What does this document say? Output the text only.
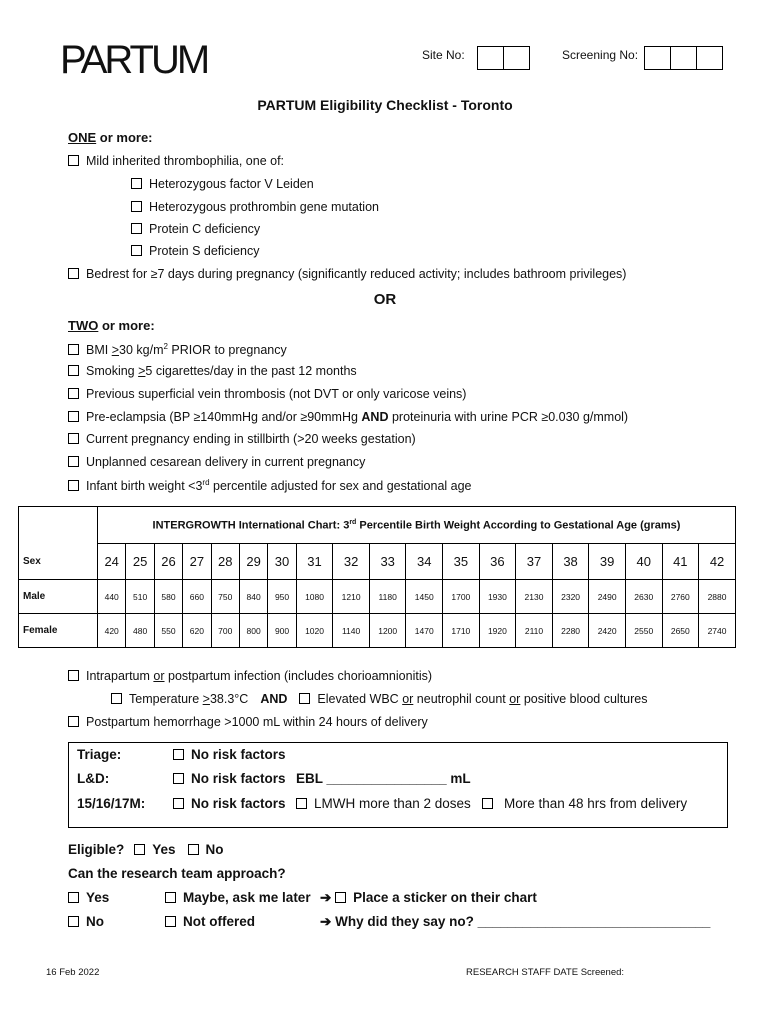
PARTUM	Site No:	Screening No:
PARTUM Eligibility Checklist - Toronto
ONE or more:
Mild inherited thrombophilia, one of:
Heterozygous factor V Leiden
Heterozygous prothrombin gene mutation
Protein C deficiency
Protein S deficiency
Bedrest for ≥7 days during pregnancy (significantly reduced activity; includes bathroom privileges)
OR
TWO or more:
BMI >30 $kg/m^2$ PRIOR to pregnancy
Smoking >5 cigarettes/day in the past 12 months
Previous superficial vein thrombosis (not DVT or only varicose veins)
Pre-eclampsia (BP ≥140mmHg and/or ≥90mmHg AND proteinuria with urine PCR ≥0.030 g/mmol)
Current pregnancy ending in stillbirth (>20 weeks gestation)
Unplanned cesarean delivery in current pregnancy
Infant birth weight <3rd percentile adjusted for sex and gestational age
	INTERGROWTH International Chart: 3rd Percentile Birth Weight According to Gestational Age (grams)																		
Sex	24	25	26	27	28	29	30	31	32	33	34	35	36	37	38	39	40	41	42
Male	440	510	580	660	750	840	950	1080	1210	1180	1450	1700	1930	2130	2320	2490	2630	2760	2880
Female	420	480	550	620	700	800	900	1020	1140	1200	1470	1710	1920	2110	2280	2420	2550	2650	2740
Intrapartum or postpartum infection (includes chorioamnionitis)
Temperature >38.3°C AND Elevated WBC or neutrophil count or positive blood cultures
Postpartum hemorrhage >1000 mL within 24 hours of delivery
Triage:	No risk factors
L&D:	No risk factors EBL ________________ mL
15/16/17M:	No risk factors	LMWH more than 2 doses	More than 48 hrs from delivery
Eligible? Yes No
Can the research team approach?
Yes	Maybe, ask me later ➔ Place a sticker on their chart
No	Not offered	➔ Why did they say no? _______________________________
16 Feb 2022	RESEARCH STAFF DATE Screened:
